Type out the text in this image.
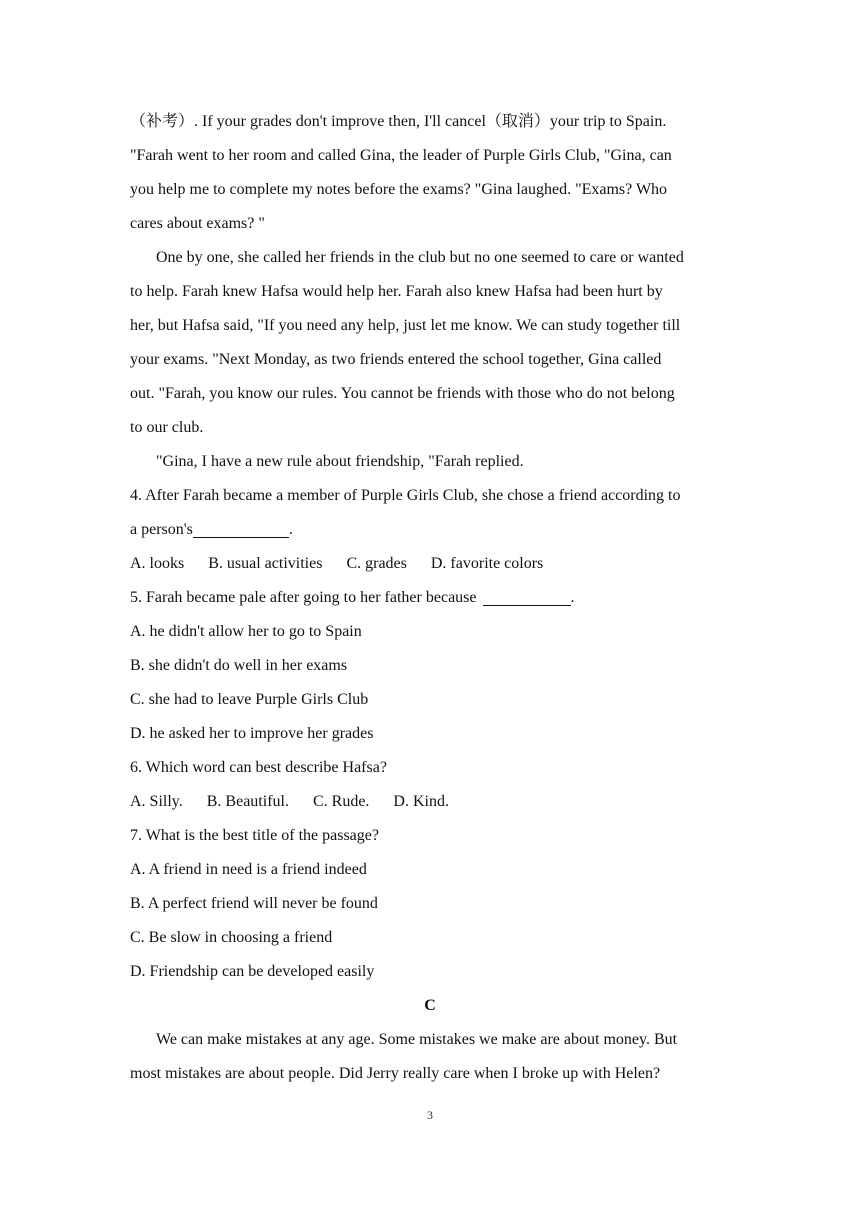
（补考）. If your grades don't improve then, I'll cancel（取消）your trip to Spain.

"Farah went to her room and called Gina, the leader of Purple Girls Club, "Gina, can

you help me to complete my notes before the exams? "Gina laughed. "Exams? Who

cares about exams? "

One by one, she called her friends in the club but no one seemed to care or wanted

to help. Farah knew Hafsa would help her. Farah also knew Hafsa had been hurt by

her, but Hafsa said, "If you need any help, just let me know. We can study together till

your exams. "Next Monday, as two friends entered the school together, Gina called

out. "Farah, you know our rules. You cannot be friends with those who do not belong

to our club.

"Gina, I have a new rule about friendship, "Farah replied.

4. After Farah became a member of Purple Girls Club, she chose a friend according to

a person's	.

A. looks B. usual activities C. grades D. favorite colors

5. Farah became pale after going to her father because	.

A. he didn't allow her to go to Spain

B. she didn't do well in her exams

C. she had to leave Purple Girls Club

D. he asked her to improve her grades

6. Which word can best describe Hafsa?

A. Silly. B. Beautiful. C. Rude. D. Kind.

7. What is the best title of the passage?

A. A friend in need is a friend indeed

B. A perfect friend will never be found

C. Be slow in choosing a friend

D. Friendship can be developed easily

C

We can make mistakes at any age. Some mistakes we make are about money. But

most mistakes are about people. Did Jerry really care when I broke up with Helen?

3
